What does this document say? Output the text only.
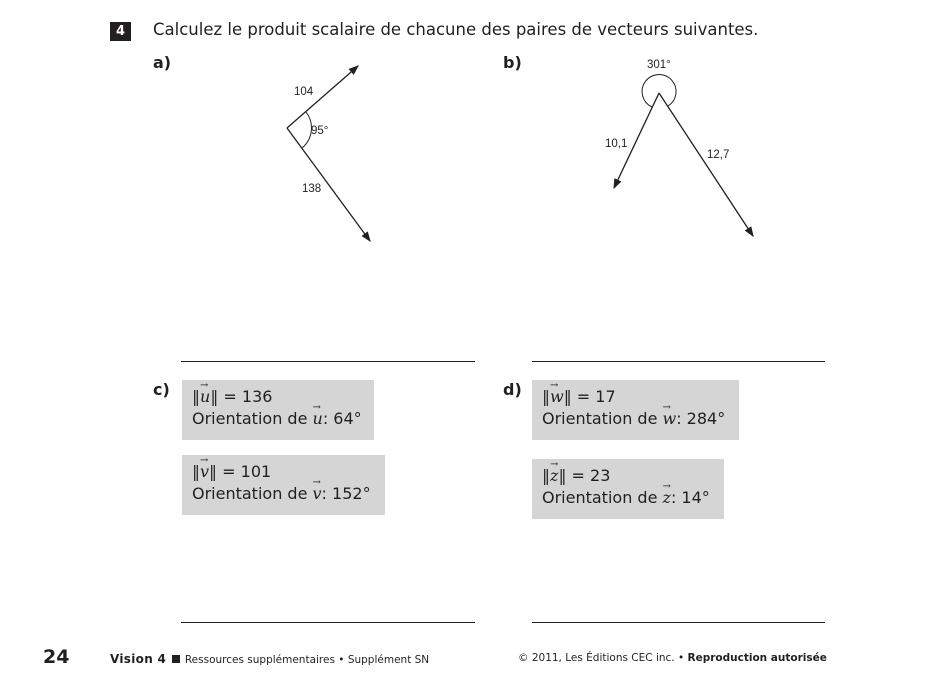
4	Calculez le produit scalaire de chacune des paires de vecteurs suivantes.
a)
104
95°
138
b)	301°
10,1
12,7
c) ‖→ u‖ = 136
Orientation de → u: 64°
‖→ v‖ = 101
Orientation de → v: 152°
d) ‖→ w‖ = 17
Orientation de → w: 284°
‖→ z‖ = 23
Orientation de → z: 14°
24	Vision 4 Ressources supplémentaires • Supplément SN	© 2011, Les Éditions CEC inc. • Reproduction autorisée
